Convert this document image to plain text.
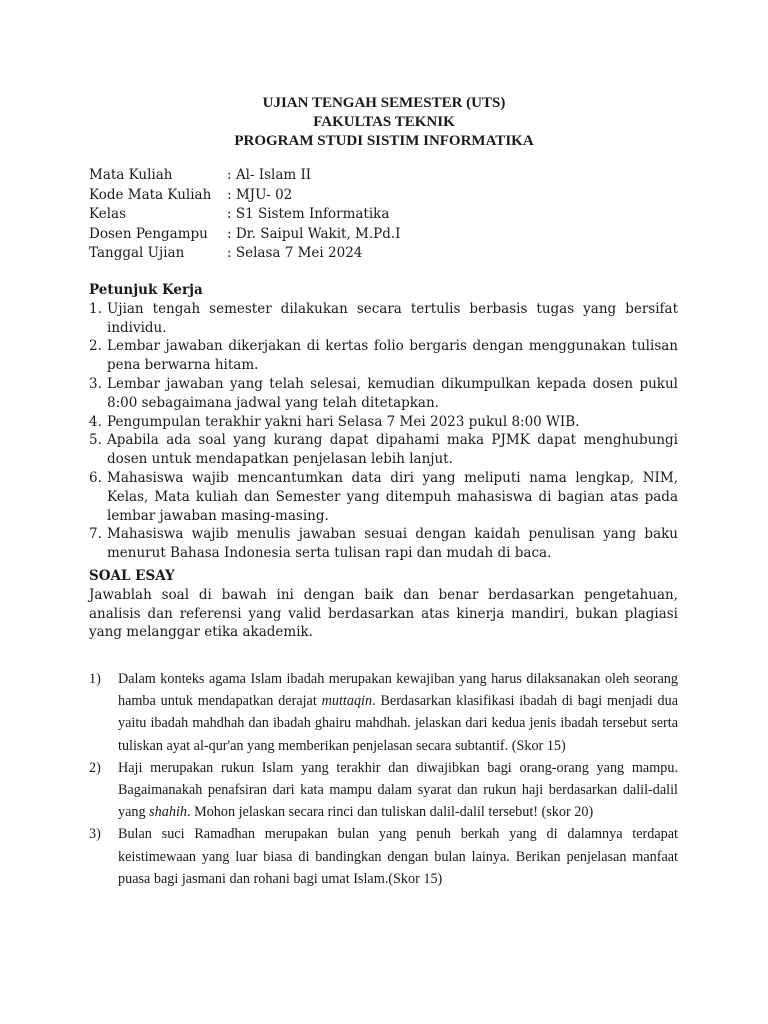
UJIAN TENGAH SEMESTER (UTS)
FAKULTAS TEKNIK
PROGRAM STUDI SISTIM INFORMATIKA
Mata Kuliah	: Al- Islam II
Kode Mata Kuliah	: MJU- 02
Kelas	: S1 Sistem Informatika
Dosen Pengampu	: Dr. Saipul Wakit, M.Pd.I
Tanggal Ujian	: Selasa 7 Mei 2024
Petunjuk Kerja
1. Ujian tengah semester dilakukan secara tertulis berbasis tugas yang bersifat individu.
2. Lembar jawaban dikerjakan di kertas folio bergaris dengan menggunakan tulisan pena berwarna hitam.
3. Lembar jawaban yang telah selesai, kemudian dikumpulkan kepada dosen pukul 8:00 sebagaimana jadwal yang telah ditetapkan.
4. Pengumpulan terakhir yakni hari Selasa 7 Mei 2023 pukul 8:00 WIB.
5. Apabila ada soal yang kurang dapat dipahami maka PJMK dapat menghubungi dosen untuk mendapatkan penjelasan lebih lanjut.
6. Mahasiswa wajib mencantumkan data diri yang meliputi nama lengkap, NIM, Kelas, Mata kuliah dan Semester yang ditempuh mahasiswa di bagian atas pada lembar jawaban masing-masing.
7. Mahasiswa wajib menulis jawaban sesuai dengan kaidah penulisan yang baku menurut Bahasa Indonesia serta tulisan rapi dan mudah di baca.
SOAL ESAY
Jawablah soal di bawah ini dengan baik dan benar berdasarkan pengetahuan, analisis dan referensi yang valid berdasarkan atas kinerja mandiri, bukan plagiasi yang melanggar etika akademik.
1)	Dalam konteks agama Islam ibadah merupakan kewajiban yang harus dilaksanakan oleh seorang hamba untuk mendapatkan derajat muttaqin. Berdasarkan klasifikasi ibadah di bagi menjadi dua yaitu ibadah mahdhah dan ibadah ghairu mahdhah. jelaskan dari kedua jenis ibadah tersebut serta tuliskan ayat al-qur'an yang memberikan penjelasan secara subtantif. (Skor 15)
2)	Haji merupakan rukun Islam yang terakhir dan diwajibkan bagi orang-orang yang mampu. Bagaimanakah penafsiran dari kata mampu dalam syarat dan rukun haji berdasarkan dalil-dalil yang shahih. Mohon jelaskan secara rinci dan tuliskan dalil-dalil tersebut! (skor 20)
3)	Bulan suci Ramadhan merupakan bulan yang penuh berkah yang di dalamnya terdapat keistimewaan yang luar biasa di bandingkan dengan bulan lainya. Berikan penjelasan manfaat puasa bagi jasmani dan rohani bagi umat Islam.(Skor 15)
